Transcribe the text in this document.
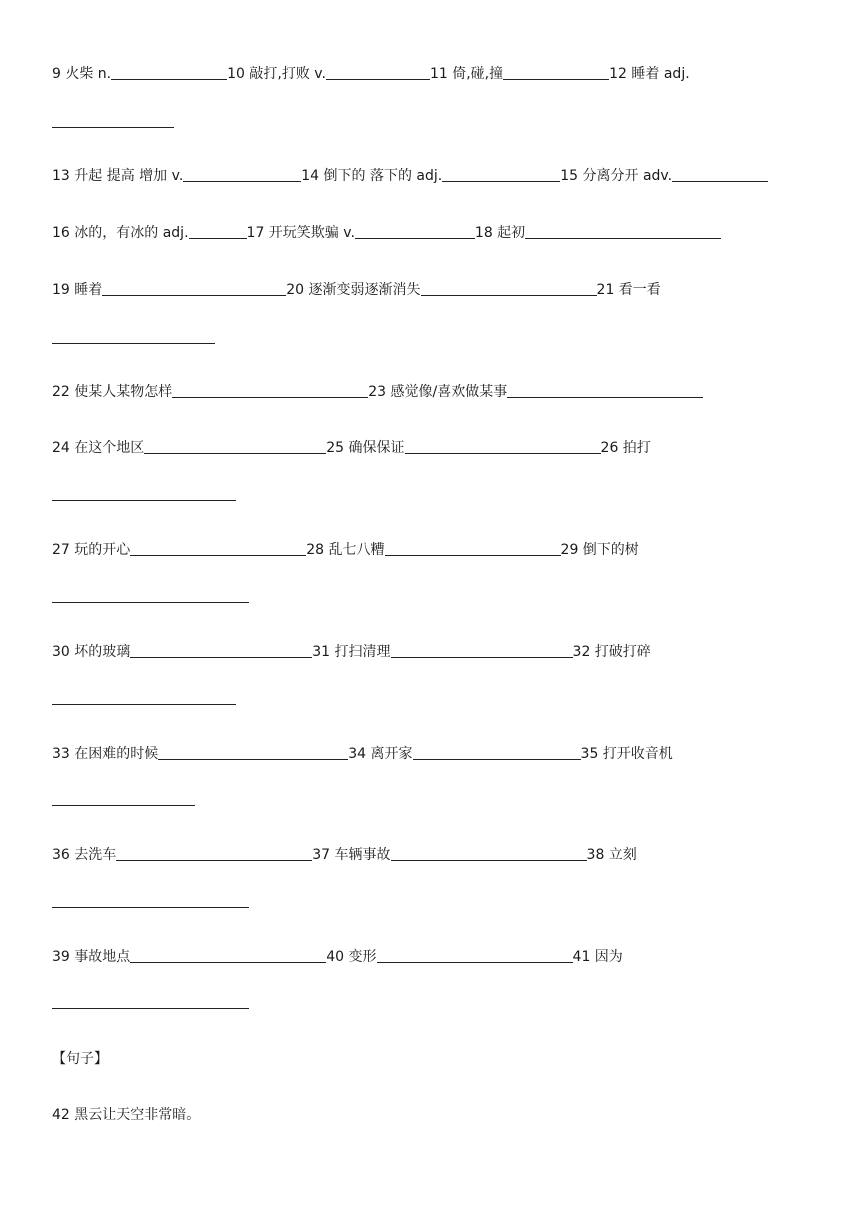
9 火柴 n.	10 敲打,打败 v.	11 倚,碰,撞	12 睡着 adj.
13 升起 提高 增加 v.	14 倒下的 落下的 adj.	15 分离分开 adv.
16 冰的，有冰的 adj.	17 开玩笑欺骗 v.	18 起初
19 睡着	20 逐渐变弱逐渐消失	21 看一看
22 使某人某物怎样	23 感觉像/喜欢做某事
24 在这个地区	25 确保保证	26 拍打
27 玩的开心	28 乱七八糟	29 倒下的树
30 坏的玻璃	31 打扫清理	32 打破打碎
33 在困难的时候	34 离开家	35 打开收音机
36 去洗车	37 车辆事故	38 立刻
39 事故地点	40 变形	41 因为
【句子】
42 黑云让天空非常暗。
